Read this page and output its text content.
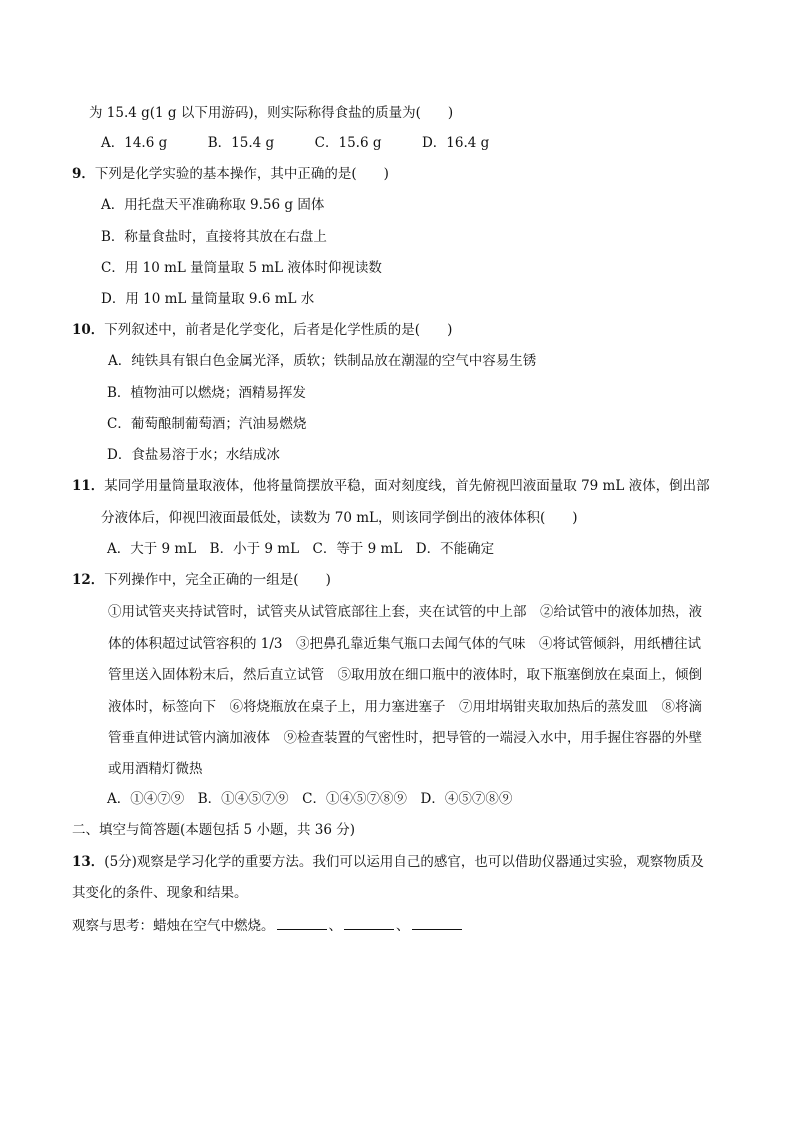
为 15.4 g(1 g 以下用游码)，则实际称得食盐的质量为(　　)
A．14.6 g　　　B．15.4 g　　　C．15.6 g　　　D．16.4 g
9．下列是化学实验的基本操作，其中正确的是(　　)
A．用托盘天平准确称取 9.56 g 固体
B．称量食盐时，直接将其放在右盘上
C．用 10 mL 量筒量取 5 mL 液体时仰视读数
D．用 10 mL 量筒量取 9.6 mL 水
10．下列叙述中，前者是化学变化，后者是化学性质的是(　　)
A．纯铁具有银白色金属光泽，质软；铁制品放在潮湿的空气中容易生锈
B．植物油可以燃烧；酒精易挥发
C．葡萄酿制葡萄酒；汽油易燃烧
D．食盐易溶于水；水结成冰
11．某同学用量筒量取液体，他将量筒摆放平稳，面对刻度线，首先俯视凹液面量取 79 mL 液体，倒出部
分液体后，仰视凹液面最低处，读数为 70 mL，则该同学倒出的液体体积(　　)
A．大于 9 mL　B．小于 9 mL　C．等于 9 mL　D．不能确定
12．下列操作中，完全正确的一组是(　　)
①用试管夹夹持试管时，试管夹从试管底部往上套，夹在试管的中上部　②给试管中的液体加热，液
体的体积超过试管容积的 1/3　③把鼻孔靠近集气瓶口去闻气体的气味　④将试管倾斜，用纸槽往试
管里送入固体粉末后，然后直立试管　⑤取用放在细口瓶中的液体时，取下瓶塞倒放在桌面上，倾倒
液体时，标签向下　⑥将烧瓶放在桌子上，用力塞进塞子　⑦用坩埚钳夹取加热后的蒸发皿　⑧将滴
管垂直伸进试管内滴加液体　⑨检查装置的气密性时，把导管的一端浸入水中，用手握住容器的外壁
或用酒精灯微热
A．①④⑦⑨　B．①④⑤⑦⑨　C．①④⑤⑦⑧⑨　D．④⑤⑦⑧⑨
二、填空与简答题(本题包括 5 小题，共 36 分)
13．(5分)观察是学习化学的重要方法。我们可以运用自己的感官，也可以借助仪器通过实验，观察物质及
其变化的条件、现象和结果。
观察与思考：蜡烛在空气中燃烧。	、	、
